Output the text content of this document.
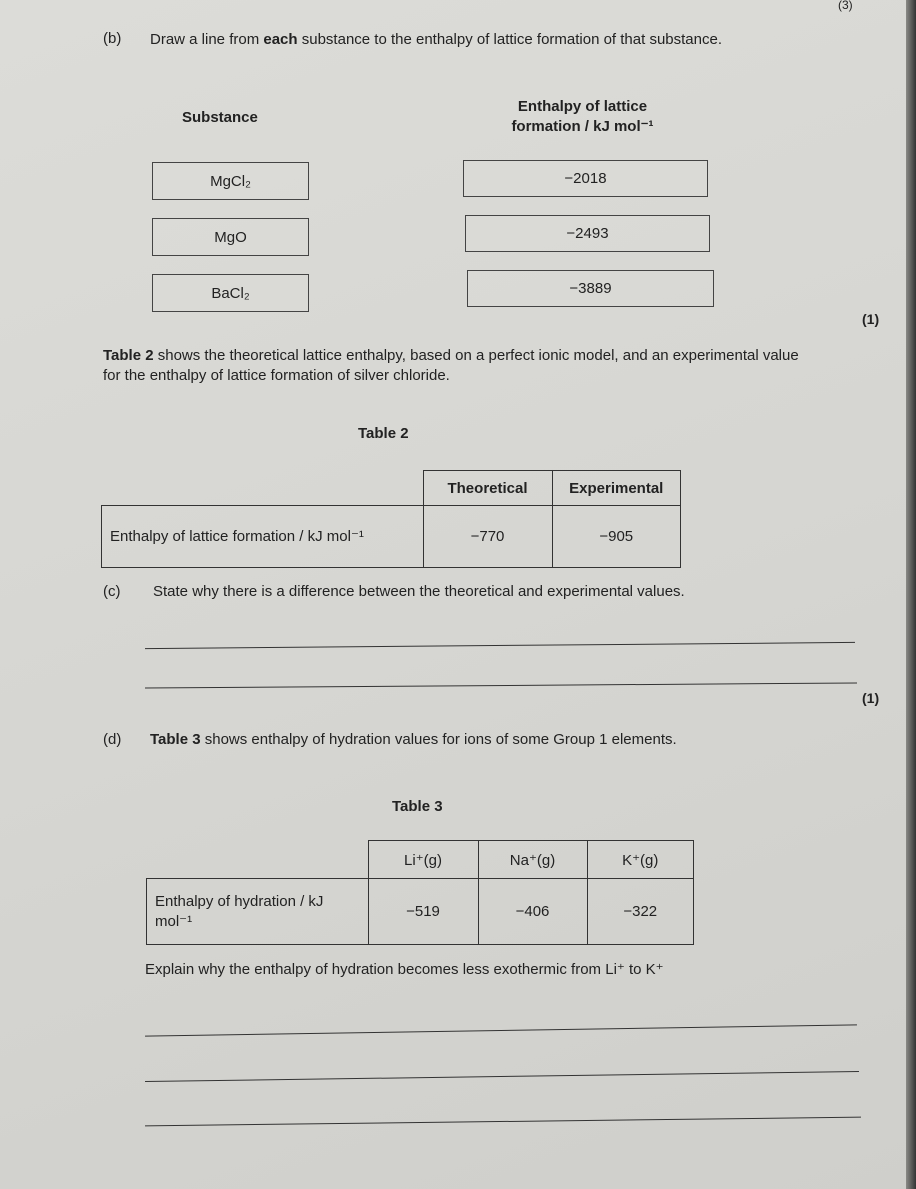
(3)
(b) Draw a line from each substance to the enthalpy of lattice formation of that substance.
Substance
Enthalpy of lattice
formation / kJ mol⁻¹
MgCl₂
MgO
BaCl₂
−2018
−2493
−3889
(1)
Table 2 shows the theoretical lattice enthalpy, based on a perfect ionic model, and an experimental value for the enthalpy of lattice formation of silver chloride.
Table 2
	Theoretical	Experimental
Enthalpy of lattice formation / kJ mol⁻¹	−770	−905
(c) State why there is a difference between the theoretical and experimental values.
(1)
(d) Table 3 shows enthalpy of hydration values for ions of some Group 1 elements.
Table 3
	Li⁺(g)	Na⁺(g)	K⁺(g)
Enthalpy of hydration / kJ mol⁻¹	−519	−406	−322
Explain why the enthalpy of hydration becomes less exothermic from Li⁺ to K⁺
